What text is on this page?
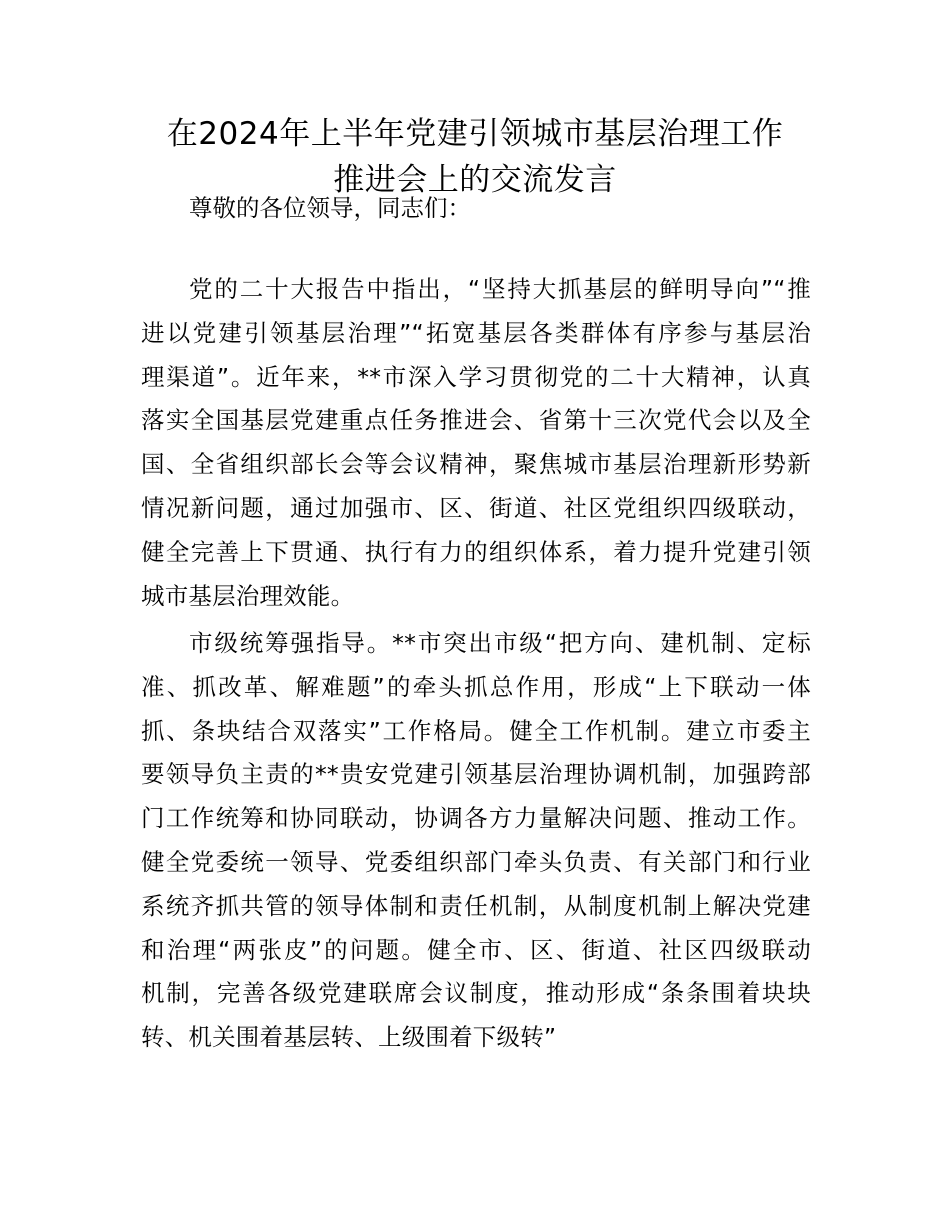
在2024年上半年党建引领城市基层治理工作
推进会上的交流发言
尊敬的各位领导，同志们：
党的二十大报告中指出，“坚持大抓基层的鲜明导向”“推
进以党建引领基层治理”“拓宽基层各类群体有序参与基层治
理渠道”。近年来，**市深入学习贯彻党的二十大精神，认真
落实全国基层党建重点任务推进会、省第十三次党代会以及全
国、全省组织部长会等会议精神，聚焦城市基层治理新形势新
情况新问题，通过加强市、区、街道、社区党组织四级联动，
健全完善上下贯通、执行有力的组织体系，着力提升党建引领
城市基层治理效能。
市级统筹强指导。**市突出市级“把方向、建机制、定标
准、抓改革、解难题”的牵头抓总作用，形成“上下联动一体
抓、条块结合双落实”工作格局。健全工作机制。建立市委主
要领导负主责的**贵安党建引领基层治理协调机制，加强跨部
门工作统筹和协同联动，协调各方力量解决问题、推动工作。
健全党委统一领导、党委组织部门牵头负责、有关部门和行业
系统齐抓共管的领导体制和责任机制，从制度机制上解决党建
和治理“两张皮”的问题。健全市、区、街道、社区四级联动
机制，完善各级党建联席会议制度，推动形成“条条围着块块
转、机关围着基层转、上级围着下级转”
